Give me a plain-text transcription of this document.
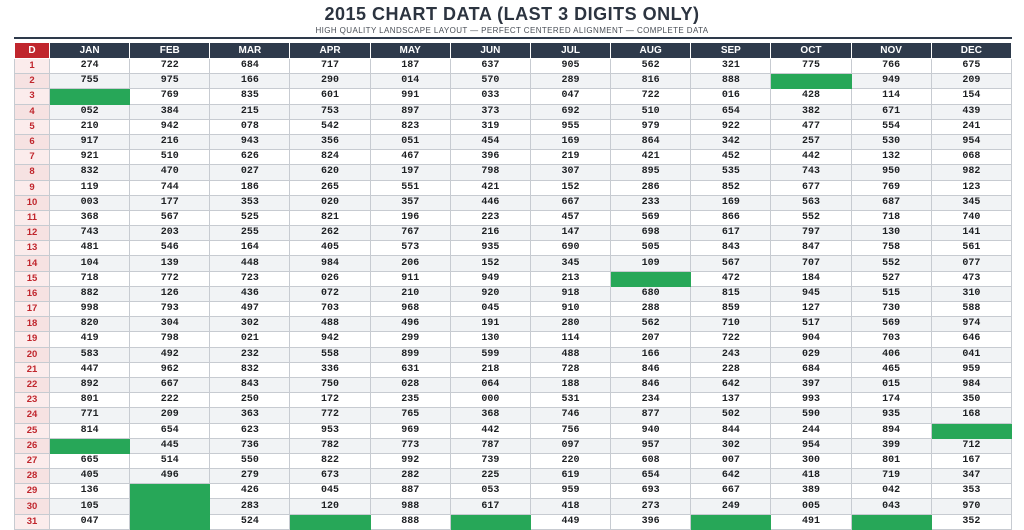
2015 CHART DATA (LAST 3 DIGITS ONLY)
HIGH QUALITY LANDSCAPE LAYOUT — PERFECT CENTERED ALIGNMENT — COMPLETE DATA
D	JAN	FEB	MAR	APR	MAY	JUN	JUL	AUG	SEP	OCT	NOV	DEC
1	274	722	684	717	187	637	905	562	321	775	766	675
2	755	975	166	290	014	570	289	816	888		949	209
3		769	835	601	991	033	047	722	016	428	114	154
4	052	384	215	753	897	373	692	510	654	382	671	439
5	210	942	078	542	823	319	955	979	922	477	554	241
6	917	216	943	356	051	454	169	864	342	257	530	954
7	921	510	626	824	467	396	219	421	452	442	132	068
8	832	470	027	620	197	798	307	895	535	743	950	982
9	119	744	186	265	551	421	152	286	852	677	769	123
10	003	177	353	020	357	446	667	233	169	563	687	345
11	368	567	525	821	196	223	457	569	866	552	718	740
12	743	203	255	262	767	216	147	698	617	797	130	141
13	481	546	164	405	573	935	690	505	843	847	758	561
14	104	139	448	984	206	152	345	109	567	707	552	077
15	718	772	723	026	911	949	213		472	184	527	473
16	882	126	436	072	210	920	918	680	815	945	515	310
17	998	793	497	703	968	045	910	288	859	127	730	588
18	820	304	302	488	496	191	280	562	710	517	569	974
19	419	798	021	942	299	130	114	207	722	904	703	646
20	583	492	232	558	899	599	488	166	243	029	406	041
21	447	962	832	336	631	218	728	846	228	684	465	959
22	892	667	843	750	028	064	188	846	642	397	015	984
23	801	222	250	172	235	000	531	234	137	993	174	350
24	771	209	363	772	765	368	746	877	502	590	935	168
25	814	654	623	953	969	442	756	940	844	244	894	
26		445	736	782	773	787	097	957	302	954	399	712
27	665	514	550	822	992	739	220	608	007	300	801	167
28	405	496	279	673	282	225	619	654	642	418	719	347
29	136		426	045	887	053	959	693	667	389	042	353
30	105		283	120	988	617	418	273	249	005	043	970
31	047		524		888		449	396		491		352
